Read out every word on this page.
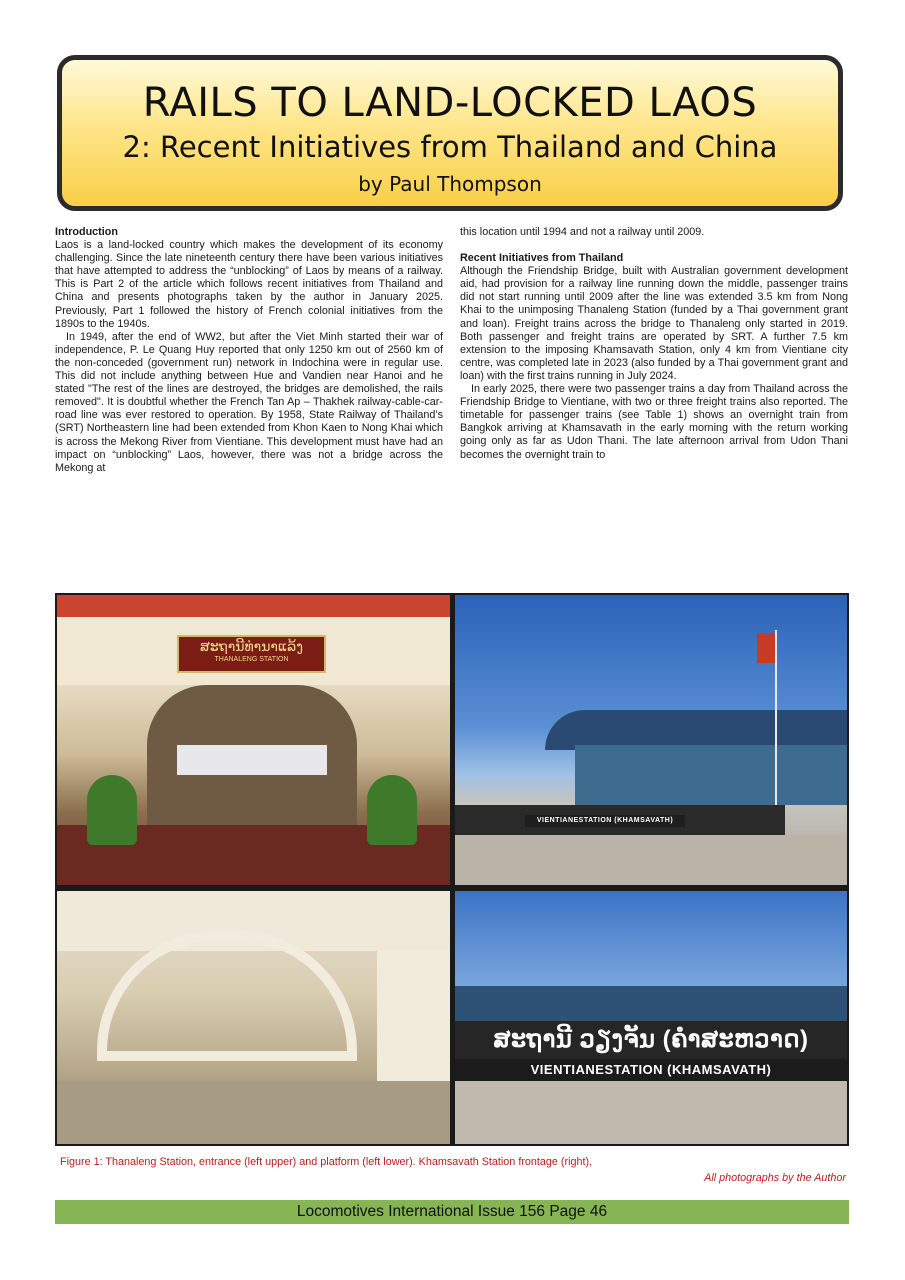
RAILS TO LAND-LOCKED LAOS
2: Recent Initiatives from Thailand and China
by Paul Thompson
Introduction

Laos is a land-locked country which makes the development of its economy challenging. Since the late nineteenth century there have been various initiatives that have attempted to address the “unblocking” of Laos by means of a railway. This is Part 2 of the article which follows recent initiatives from Thailand and China and presents photographs taken by the author in January 2025. Previously, Part 1 followed the history of French colonial initiatives from the 1890s to the 1940s.

In 1949, after the end of WW2, but after the Viet Minh started their war of independence, P. Le Quang Huy reported that only 1250 km out of 2560 km of the non-conceded (government run) network in Indochina were in regular use. This did not include anything between Hue and Vandien near Hanoi and he stated "The rest of the lines are destroyed, the bridges are demolished, the rails removed". It is doubtful whether the French Tan Ap – Thakhek railway-cable-car-road line was ever restored to operation. By 1958, State Railway of Thailand’s (SRT) Northeastern line had been extended from Khon Kaen to Nong Khai which is across the Mekong River from Vientiane. This development must have had an impact on “unblocking” Laos, however, there was not a bridge across the Mekong at

this location until 1994 and not a railway until 2009.

Recent Initiatives from Thailand

Although the Friendship Bridge, built with Australian government development aid, had provision for a railway line running down the middle, passenger trains did not start running until 2009 after the line was extended 3.5 km from Nong Khai to the unimposing Thanaleng Station (funded by a Thai government grant and loan). Freight trains across the bridge to Thanaleng only started in 2019. Both passenger and freight trains are operated by SRT. A further 7.5 km extension to the imposing Khamsavath Station, only 4 km from Vientiane city centre, was completed late in 2023 (also funded by a Thai government grant and loan) with the first trains running in July 2024.

In early 2025, there were two passenger trains a day from Thailand across the Friendship Bridge to Vientiane, with two or three freight trains also reported. The timetable for passenger trains (see Table 1) shows an overnight train from Bangkok arriving at Khamsavath in the early morning with the return working going only as far as Udon Thani. The late afternoon arrival from Udon Thani becomes the overnight train to

ສະຖານີທ່ານາແລ້ງ
THANALENG STATION
VIENTIANESTATION (KHAMSAVATH)
ສະຖານີ ວຽງຈັນ (ຄຳສະຫວາດ)
VIENTIANESTATION (KHAMSAVATH)
Figure 1: Thanaleng Station, entrance (left upper) and platform (left lower). Khamsavath Station frontage (right),
All photographs by the Author
Locomotives International Issue 156 Page 46
